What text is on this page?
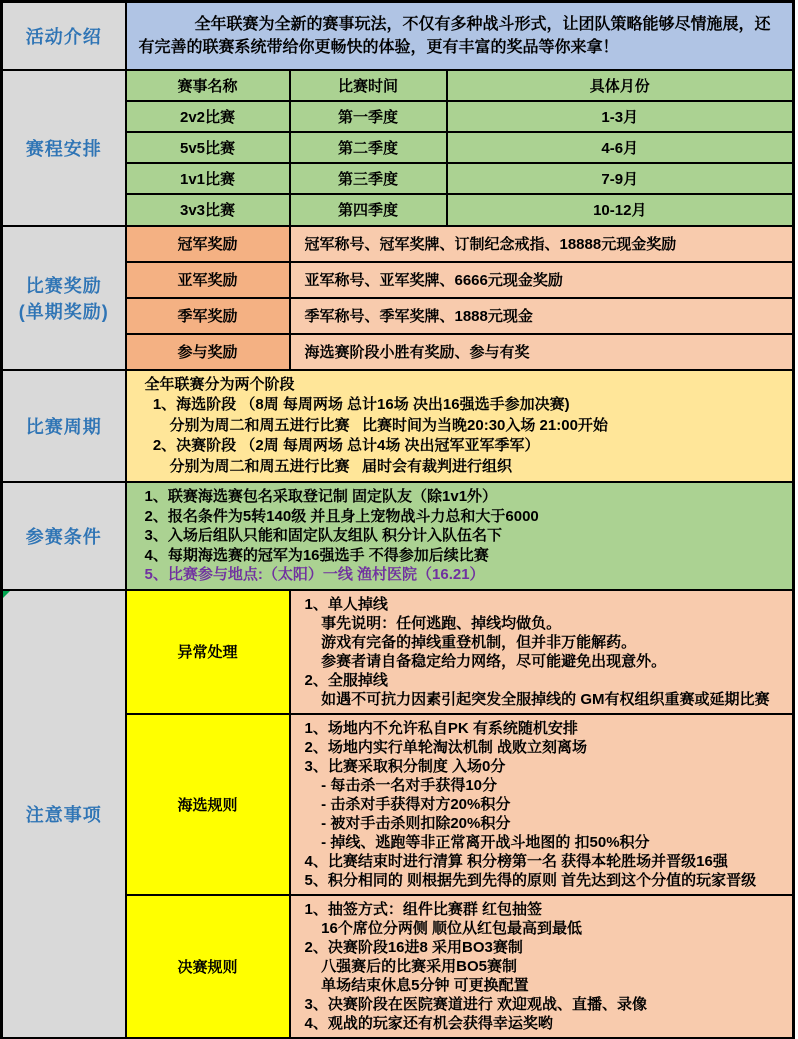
活动介绍	全年联赛为全新的赛事玩法，不仅有多种战斗形式，让团队策略能够尽情施展，还有完善的联赛系统带给你更畅快的体验，更有丰富的奖品等你来拿！		

赛程安排	赛事名称	比赛时间	具体月份
	2v2比赛	第一季度	1-3月
	5v5比赛	第二季度	4-6月
	1v1比赛	第三季度	7-9月
	3v3比赛	第四季度	10-12月

比赛奖励
(单期奖励)	冠军奖励	冠军称号、冠军奖牌、订制纪念戒指、18888元现金奖励	
	亚军奖励	亚军称号、亚军奖牌、6666元现金奖励	
	季军奖励	季军称号、季军奖牌、1888元现金	
	参与奖励	海选赛阶段小胜有奖励、参与有奖	
比赛周期	全年联赛分为两个阶段
1、海选阶段 （8周 每周两场 总计16场 决出16强选手参加决赛)
分别为周二和周五进行比赛   比赛时间为当晚20:30入场 21:00开始
2、决赛阶段 （2周 每周两场 总计4场 决出冠军亚军季军）
分别为周二和周五进行比赛   届时会有裁判进行组织		

参赛条件	1、联赛海选赛包名采取登记制 固定队友（除1v1外）
2、报名条件为5转140级 并且身上宠物战斗力总和大于6000
3、入场后组队只能和固定队友组队 积分计入队伍名下
4、每期海选赛的冠军为16强选手 不得参加后续比赛
5、比赛参与地点:（太阳）一线 渔村医院（16.21）		

注意事项	异常处理	
1、单人掉线
事先说明：任何逃跑、掉线均做负。
游戏有完备的掉线重登机制，但并非万能解药。
参赛者请自备稳定给力网络，尽可能避免出现意外。
2、全服掉线
如遇不可抗力因素引起突发全服掉线的 GM有权组织重赛或延期比赛

海选规则	
1、场地内不允许私自PK 有系统随机安排
2、场地内实行单轮淘汰机制 战败立刻离场
3、比赛采取积分制度 入场0分
- 每击杀一名对手获得10分
- 击杀对手获得对方20%积分
- 被对手击杀则扣除20%积分
- 掉线、逃跑等非正常离开战斗地图的 扣50%积分
4、比赛结束时进行清算 积分榜第一名 获得本轮胜场并晋级16强
5、积分相同的 则根据先到先得的原则 首先达到这个分值的玩家晋级

决赛规则	
1、抽签方式：组件比赛群 红包抽签
16个席位分两侧 顺位从红包最高到最低
2、决赛阶段16进8 采用BO3赛制
八强赛后的比赛采用BO5赛制
单场结束休息5分钟 可更换配置
3、决赛阶段在医院赛道进行 欢迎观战、直播、录像
4、观战的玩家还有机会获得幸运奖哟
